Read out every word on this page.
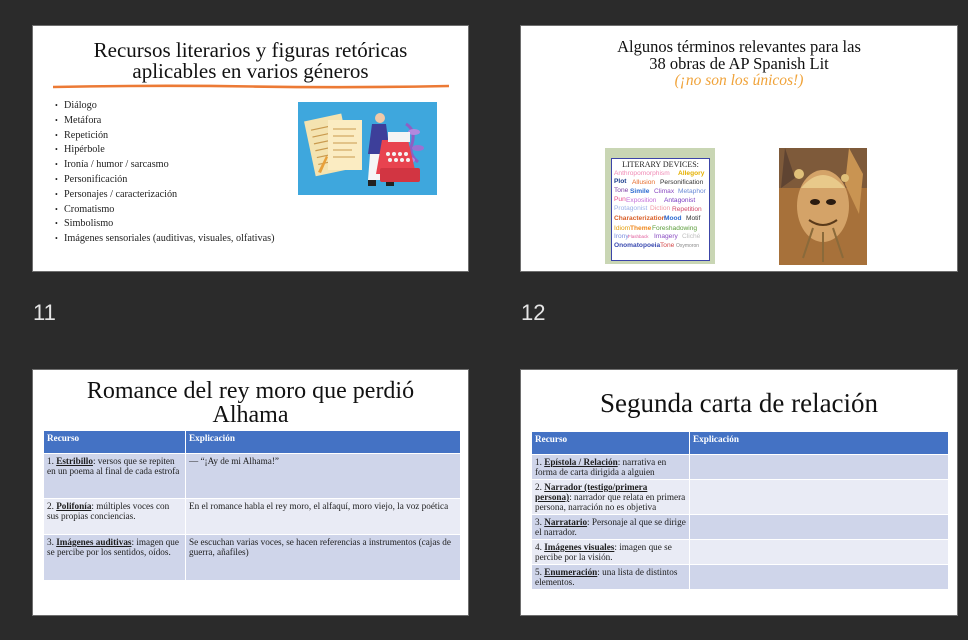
Recursos literarios y figuras retóricas aplicables en varios géneros
• Diálogo
• Metáfora
• Repetición
• Hipérbole
• Ironía / humor / sarcasmo
• Personificación
• Personajes / caracterización
• Cromatismo
• Simbolismo
• Imágenes sensoriales (auditivas, visuales, olfativas)
11
Algunos términos relevantes para las
38 obras de AP Spanish Lit
(¡no son los únicos!)
LITERARY DEVICES:
Anthropomorphism Allegory
Plot Allusion Personification
Tone Simile Climax Metaphor
Pun Exposition Antagonist
Protagonist Diction Repetition
Characterization
Mood Motif
Idiom Theme Foreshadowing
Irony Flashback Imagery Cliché
Onomatopoeia Tone Oxymoron
12
Romance del rey moro que perdió Alhama
Recurso	Explicación
1. Estribillo: versos que se repiten en un poema al final de cada estrofa	— “¡Ay de mi Alhama!”
2. Polifonía: múltiples voces con sus propias conciencias.	En el romance habla el rey moro, el alfaquí, moro viejo, la voz poética
3. Imágenes auditivas: imagen que se percibe por los sentidos, oídos.	Se escuchan varias voces, se hacen referencias a instrumentos (cajas de guerra, añafiles)
Segunda carta de relación
Recurso	Explicación
1. Epístola / Relación: narrativa en forma de carta dirigida a alguien	
2. Narrador (testigo/primera persona): narrador que relata en primera persona, narración no es objetiva	
3. Narratario: Personaje al que se dirige el narrador.	
4. Imágenes visuales: imagen que se percibe por la visión.	
5. Enumeración: una lista de distintos elementos.	
